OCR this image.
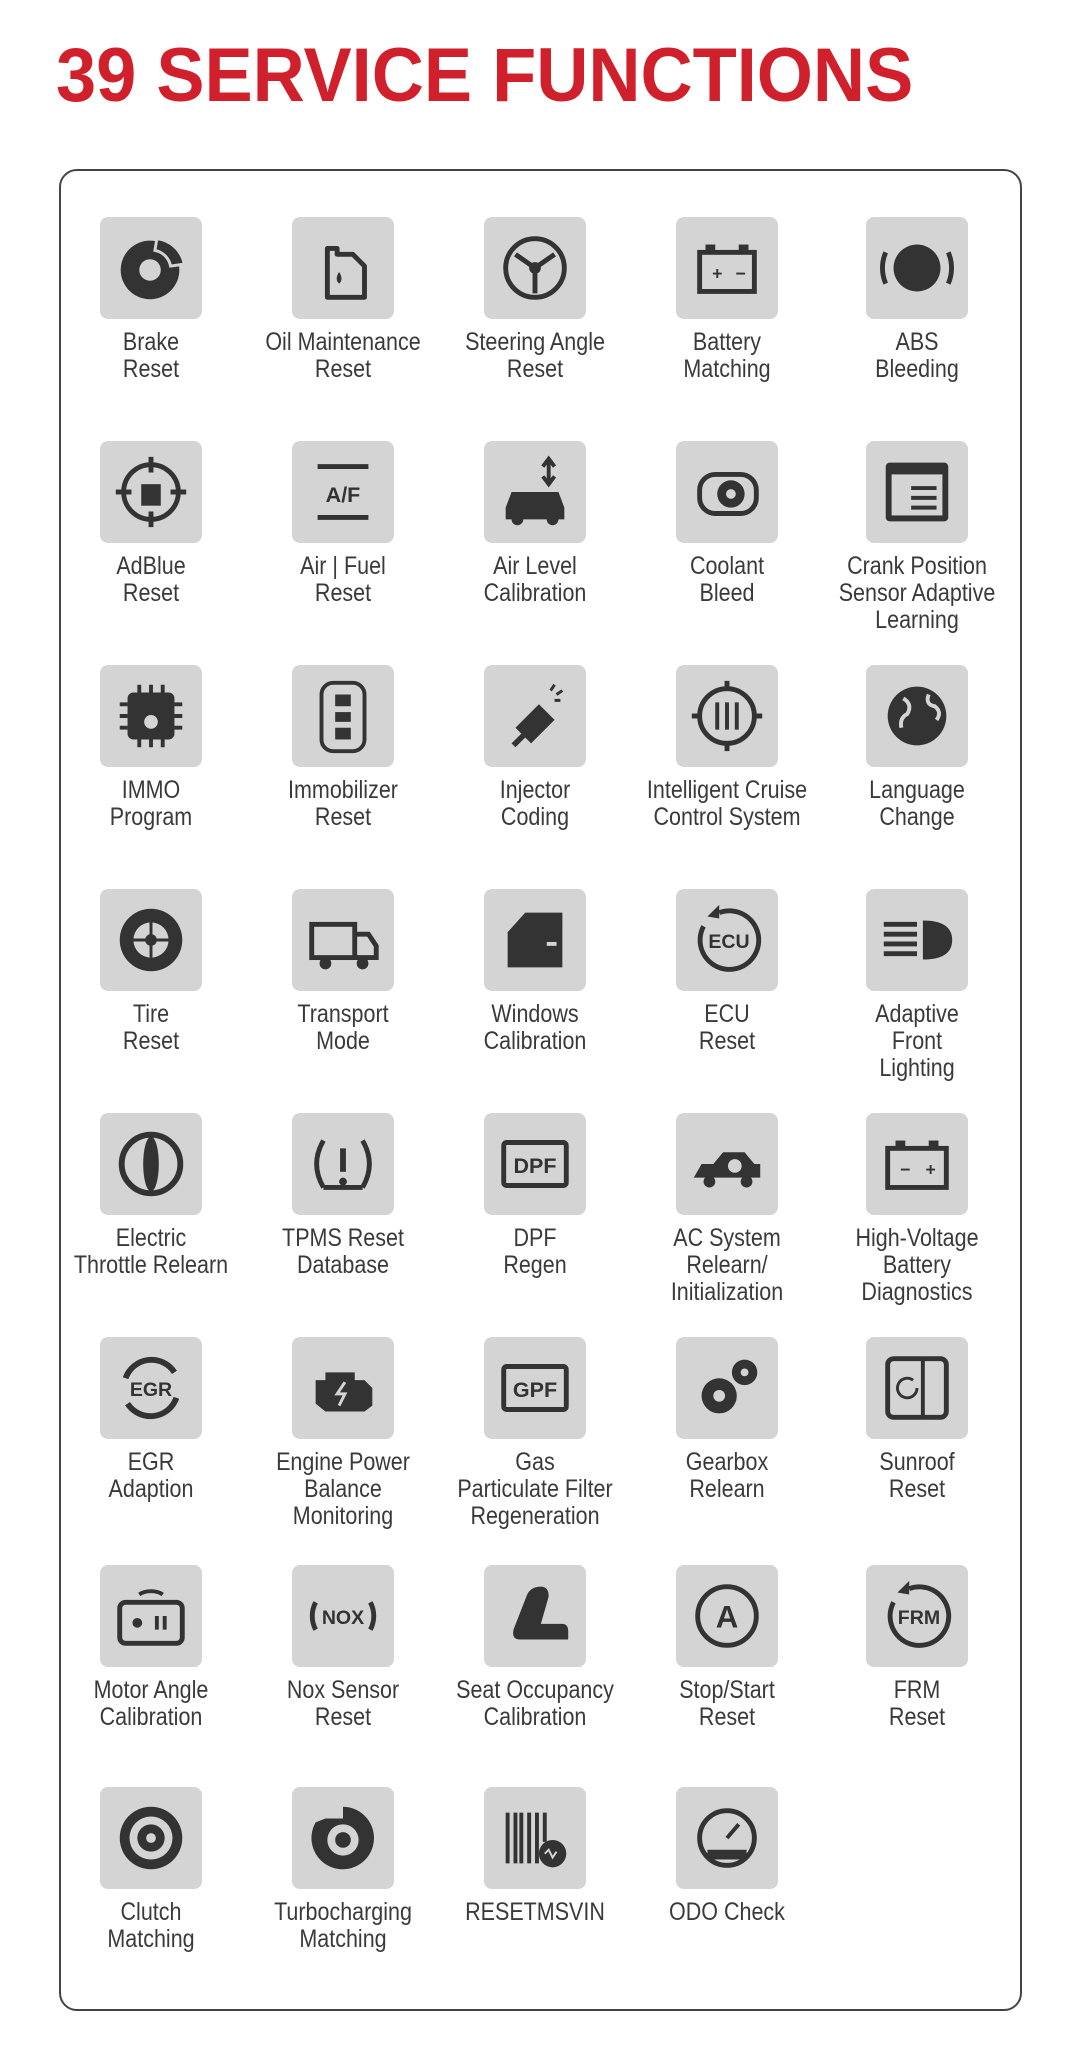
39 SERVICE FUNCTIONS
Brake
Reset
Oil Maintenance
Reset
Steering Angle
Reset
+ −
Battery
Matching
ABS
ABS
Bleeding
AdBlue
Reset
A/F
Air | Fuel
Reset
Air Level
Calibration
Coolant
Bleed
Crank Position
Sensor Adaptive
Learning
IMMO
Program
Immobilizer
Reset
Injector
Coding
Intelligent Cruise
Control System
Language
Change
Tire
Reset
Transport
Mode
Windows
Calibration
ECU
ECU
Reset
Adaptive
Front
Lighting
Electric
Throttle Relearn
TPMS Reset
Database
DPF
DPF
Regen
AC System
Relearn/
Initialization
− +
High-Voltage
Battery
Diagnostics
EGR
EGR
Adaption
Engine Power
Balance
Monitoring
GPF
Gas
Particulate Filter
Regeneration
Gearbox
Relearn
Sunroof
Reset
Motor Angle
Calibration
NOX
Nox Sensor
Reset
Seat Occupancy
Calibration
A
Stop/Start
Reset
FRM
FRM
Reset
Clutch
Matching
Turbocharging
Matching
RESETMSVIN	ODO Check
